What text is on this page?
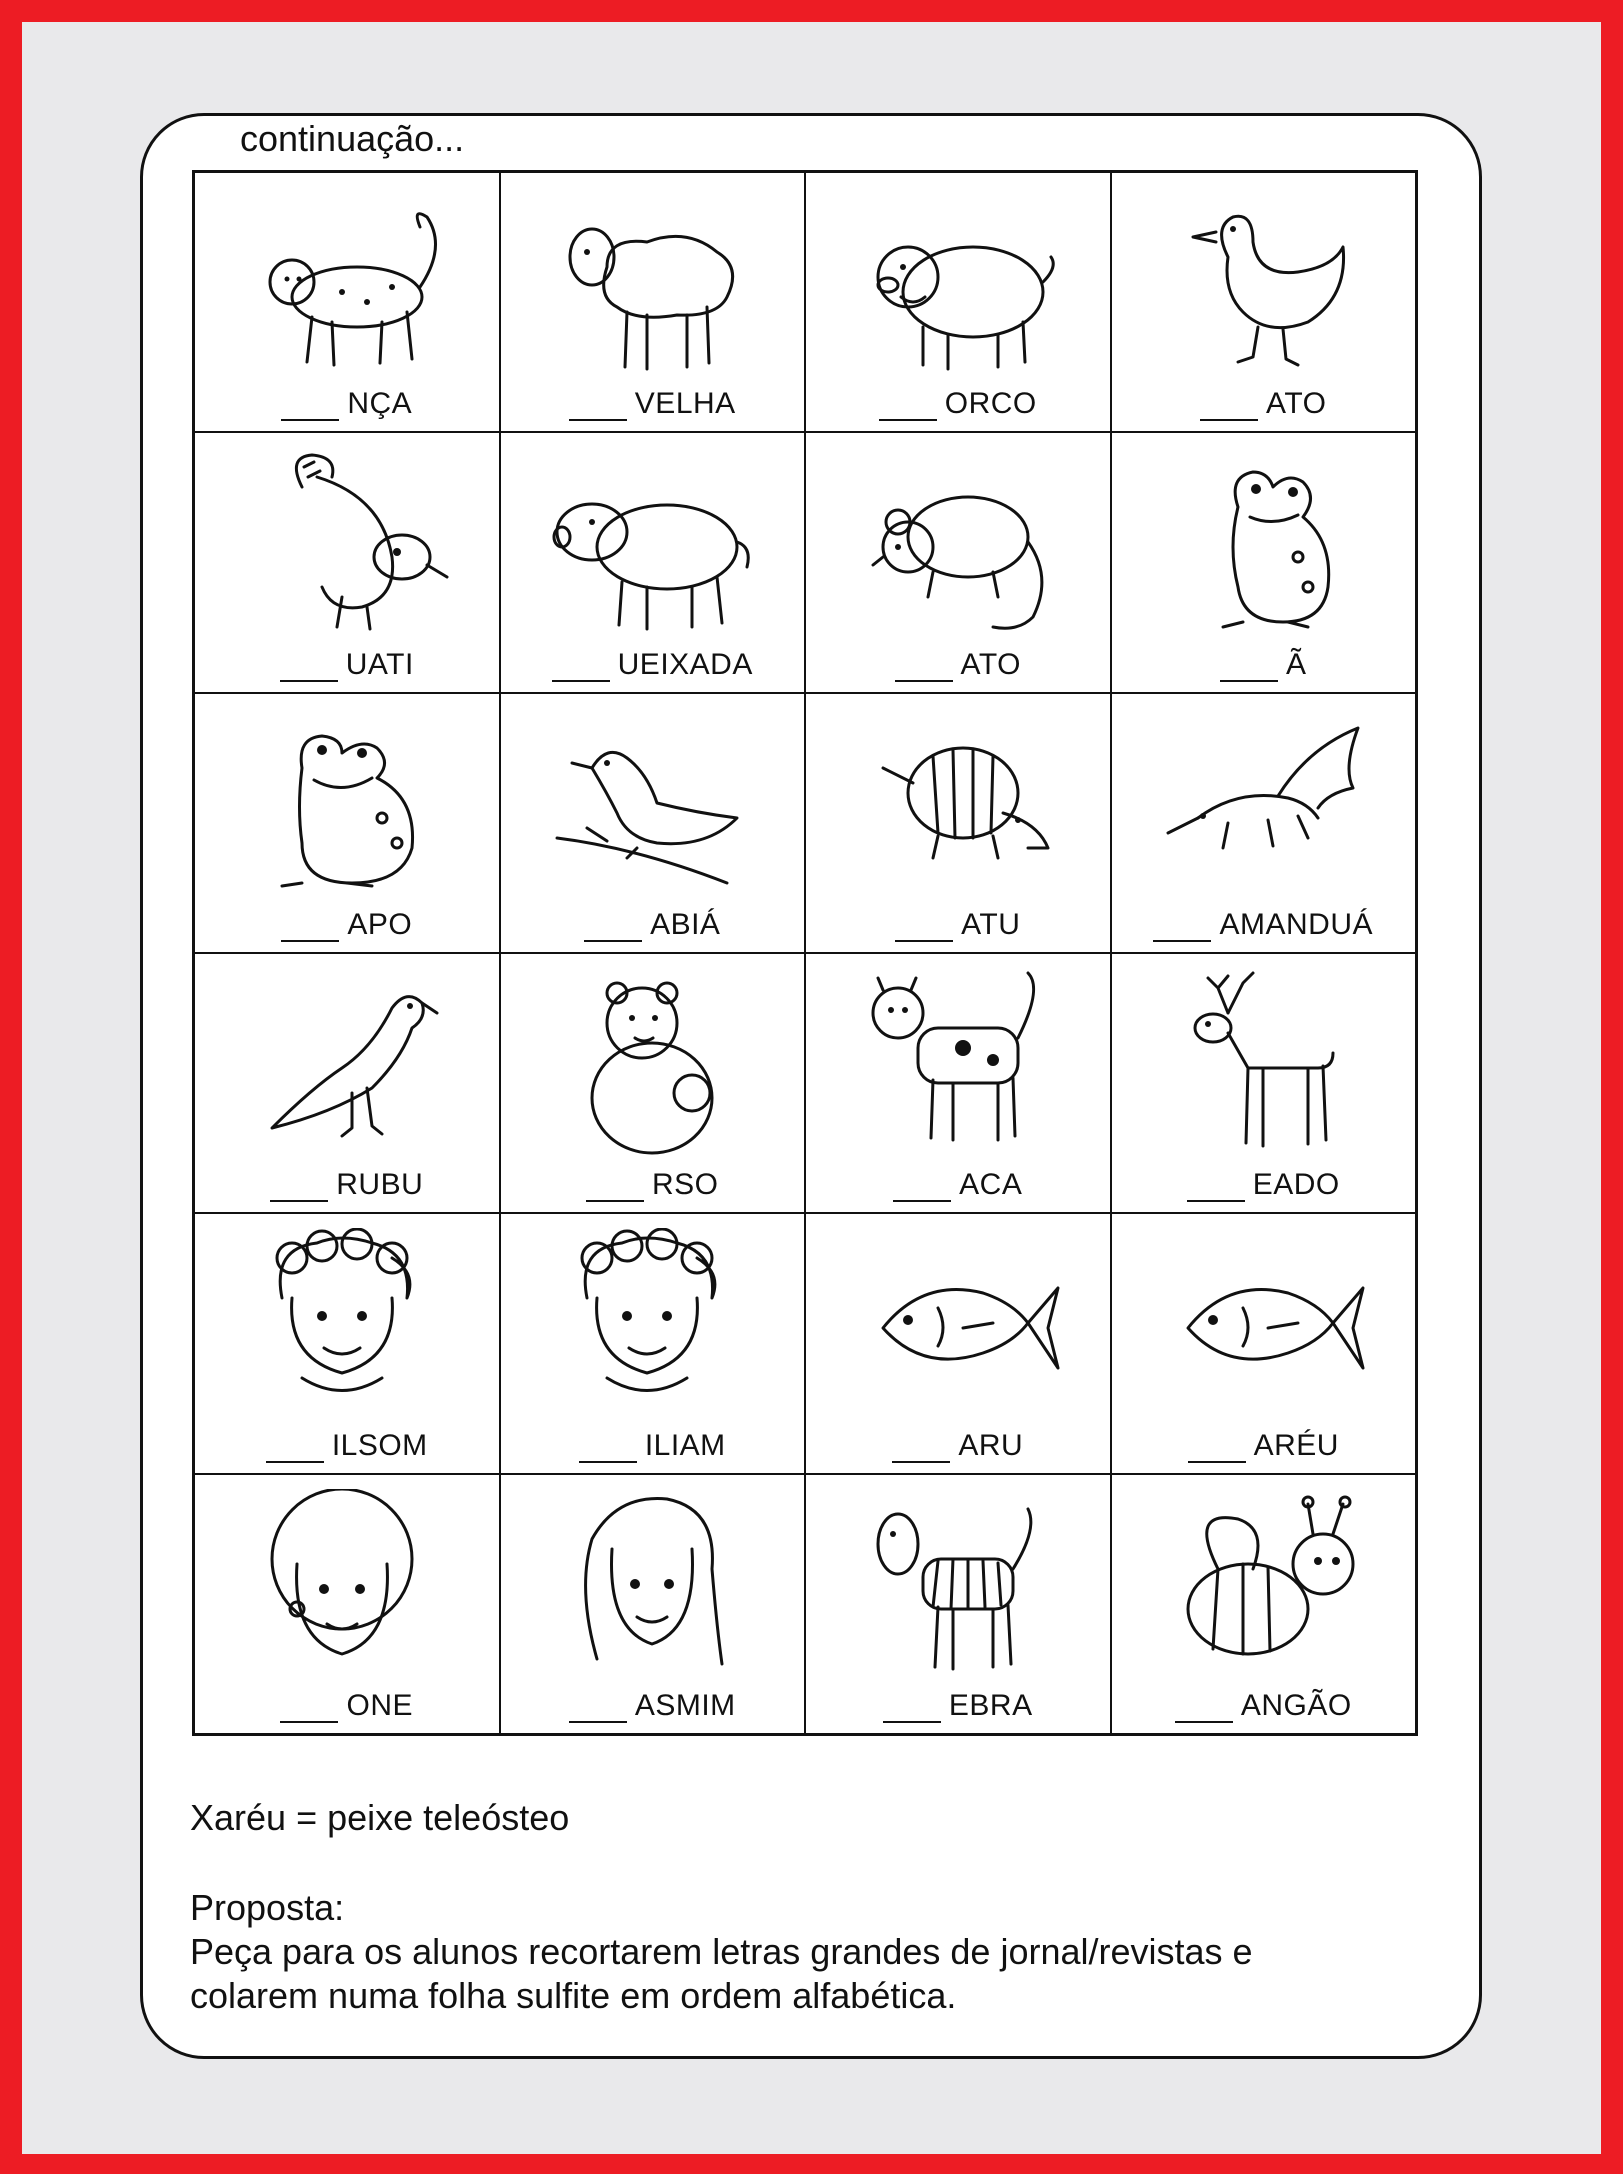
continuação...
NÇA	VELHA	ORCO	ATO
UATI	UEIXADA	ATO	Ã
APO	ABIÁ	ATU	AMANDUÁ
RUBU	RSO	ACA	EADO
ILSOM	ILIAM	ARU	ARÉU
ONE	ASMIM	EBRA	ANGÃO
Xaréu = peixe teleósteo
Proposta:
Peça para os alunos recortarem letras grandes de jornal/revistas e
colarem numa folha sulfite em ordem alfabética.
